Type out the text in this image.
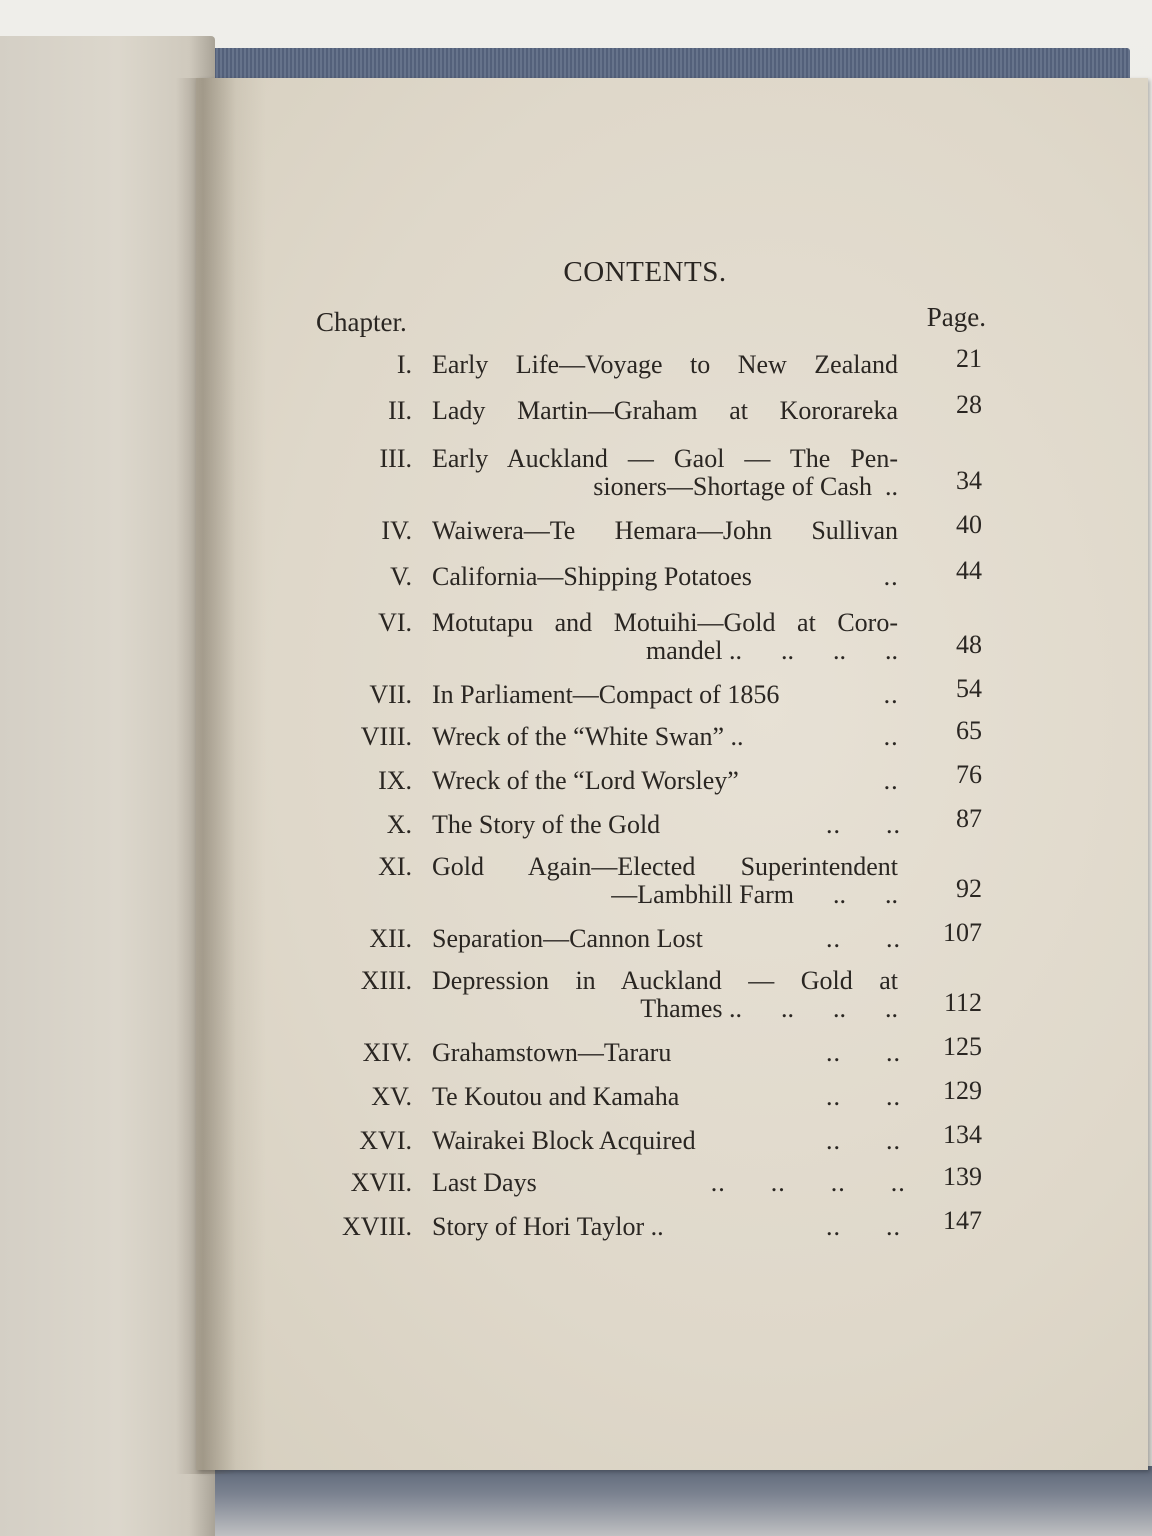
CONTENTS.
Chapter.	Page.
I. Early Life—Voyage to New Zealand	21
II. Lady Martin—Graham at Kororareka	28
III. Early Auckland — Gaol — The Pen-
sioners—Shortage of Cash  ..	34
IV. Waiwera—Te Hemara—John Sullivan	40
V. California—Shipping Potatoes	..	44
VI. Motutapu and Motuihi—Gold at Coro-
mandel ..      ..      ..      ..	48
VII. In Parliament—Compact of 1856	..	54
VIII. Wreck of the “White Swan” ..	..	65
IX. Wreck of the “Lord Worsley”	..	76
X. The Story of the Gold	..      ..	87
XI. Gold Again—Elected Superintendent
—Lambhill Farm      ..      ..	92
XII. Separation—Cannon Lost	..      ..	107
XIII. Depression in Auckland — Gold at
Thames ..      ..      ..      ..	112
XIV. Grahamstown—Tararu	..      ..	125
XV. Te Koutou and Kamaha	..      ..	129
XVI. Wairakei Block Acquired	..      ..	134
XVII. Last Days	..      ..      ..      ..	139
XVIII. Story of Hori Taylor ..	..      ..	147
